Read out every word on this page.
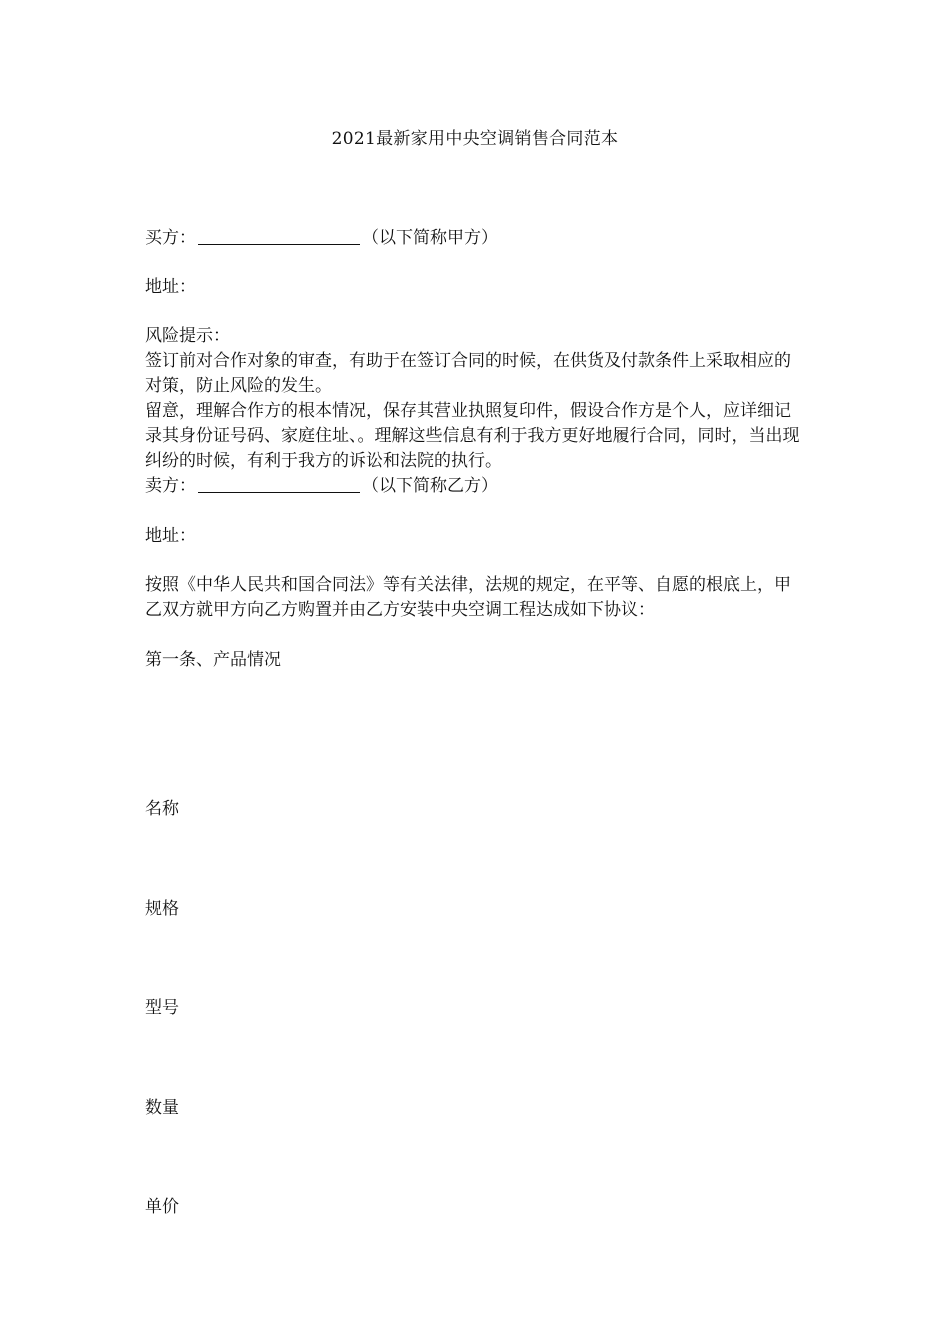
2021最新家用中央空调销售合同范本
买方：	（以下简称甲方）
地址：
风险提示：
签订前对合作对象的审查，有助于在签订合同的时候，在供货及付款条件上采取相应的对策，防止风险的发生。
留意，理解合作方的根本情况，保存其营业执照复印件，假设合作方是个人，应详细记录其身份证号码、家庭住址、。理解这些信息有利于我方更好地履行合同，同时，当出现纠纷的时候，有利于我方的诉讼和法院的执行。
卖方：	（以下简称乙方）
地址：
按照《中华人民共和国合同法》等有关法律，法规的规定，在平等、自愿的根底上，甲乙双方就甲方向乙方购置并由乙方安装中央空调工程达成如下协议：
第一条、产品情况
名称
规格
型号
数量
单价
